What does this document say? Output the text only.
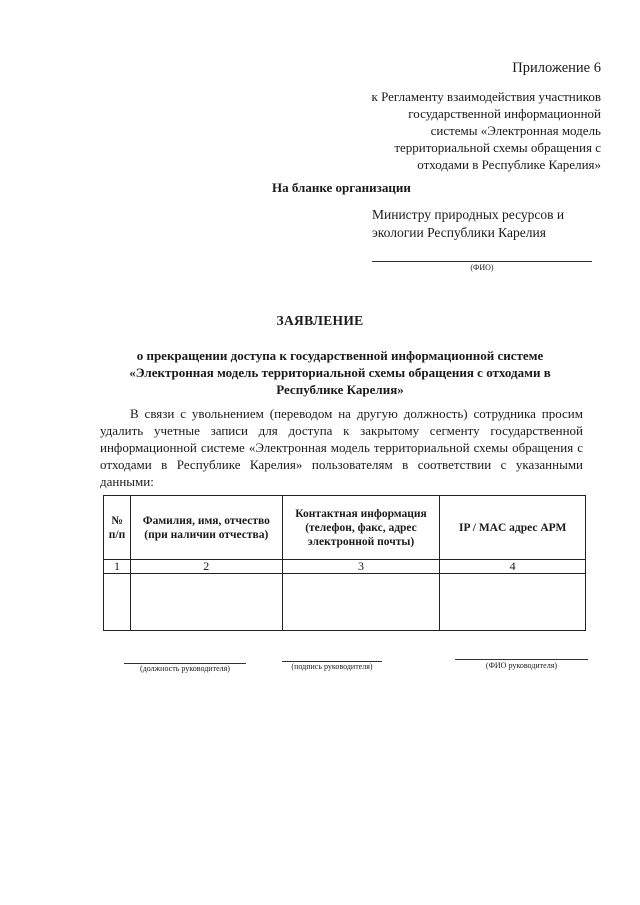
Приложение 6
к Регламенту взаимодействия участников
государственной информационной
системы «Электронная модель
территориальной схемы обращения с
отходами в Республике Карелия»
На бланке организации
Министру природных ресурсов и
экологии Республики Карелия
(ФИО)
ЗАЯВЛЕНИЕ
о прекращении доступа к государственной информационной системе «Электронная модель территориальной схемы обращения с отходами в Республике Карелия»
В связи с увольнением (переводом на другую должность) сотрудника просим удалить учетные записи для доступа к закрытому сегменту государственной информационной системе «Электронная модель территориальной схемы обращения с отходами в Республике Карелия» пользователям в соответствии с указанными данными:
№ п/п	Фамилия, имя, отчество (при наличии отчества)	Контактная информация (телефон, факс, адрес электронной почты)	IP / MAC адрес АРМ
1	2	3	4

(должность руководителя)	(подпись руководителя)	(ФИО руководителя)
